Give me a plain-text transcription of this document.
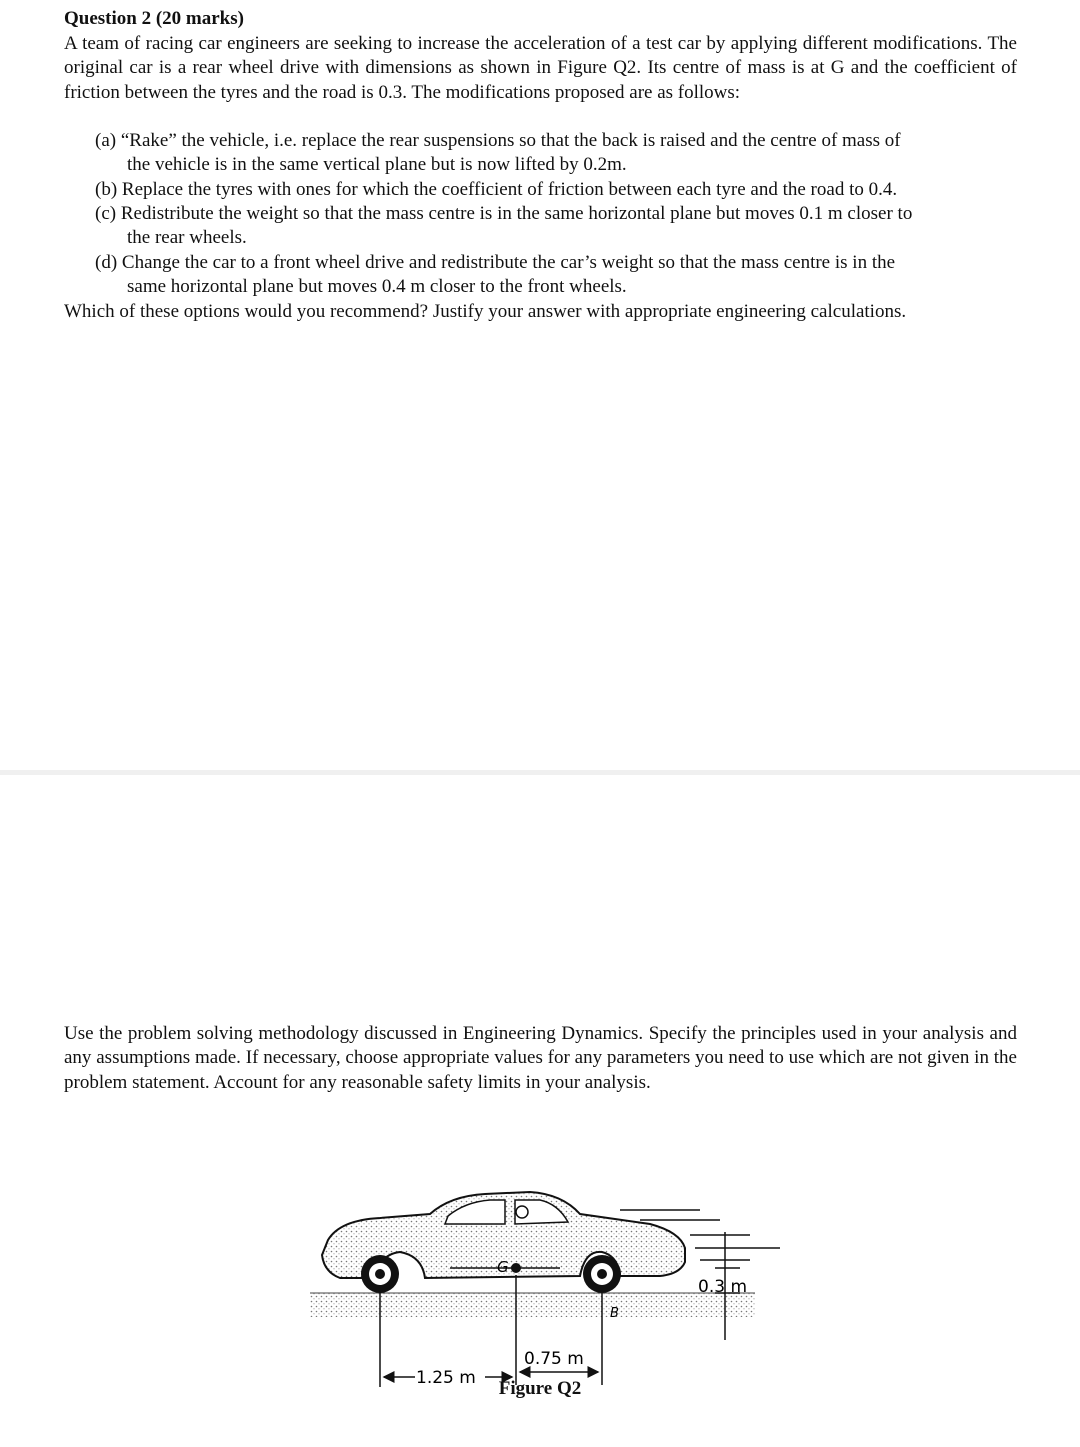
Question 2 (20 marks)
A team of racing car engineers are seeking to increase the acceleration of a test car by applying different modifications. The original car is a rear wheel drive with dimensions as shown in Figure Q2. Its centre of mass is at G and the coefficient of friction between the tyres and the road is 0.3. The modifications proposed are as follows:
(a) “Rake” the vehicle, i.e. replace the rear suspensions so that the back is raised and the centre of mass of
the vehicle is in the same vertical plane but is now lifted by 0.2m.
(b) Replace the tyres with ones for which the coefficient of friction between each tyre and the road to 0.4.
(c) Redistribute the weight so that the mass centre is in the same horizontal plane but moves 0.1 m closer to
the rear wheels.
(d) Change the car to a front wheel drive and redistribute the car’s weight so that the mass centre is in the
same horizontal plane but moves 0.4 m closer to the front wheels.
Which of these options would you recommend? Justify your answer with appropriate engineering calculations.
Use the problem solving methodology discussed in Engineering Dynamics. Specify the principles used in your analysis and any assumptions made. If necessary, choose appropriate values for any parameters you need to use which are not given in the problem statement. Account for any reasonable safety limits in your analysis.
G
B
0.3 m
1.25 m
0.75 m
Figure Q2
